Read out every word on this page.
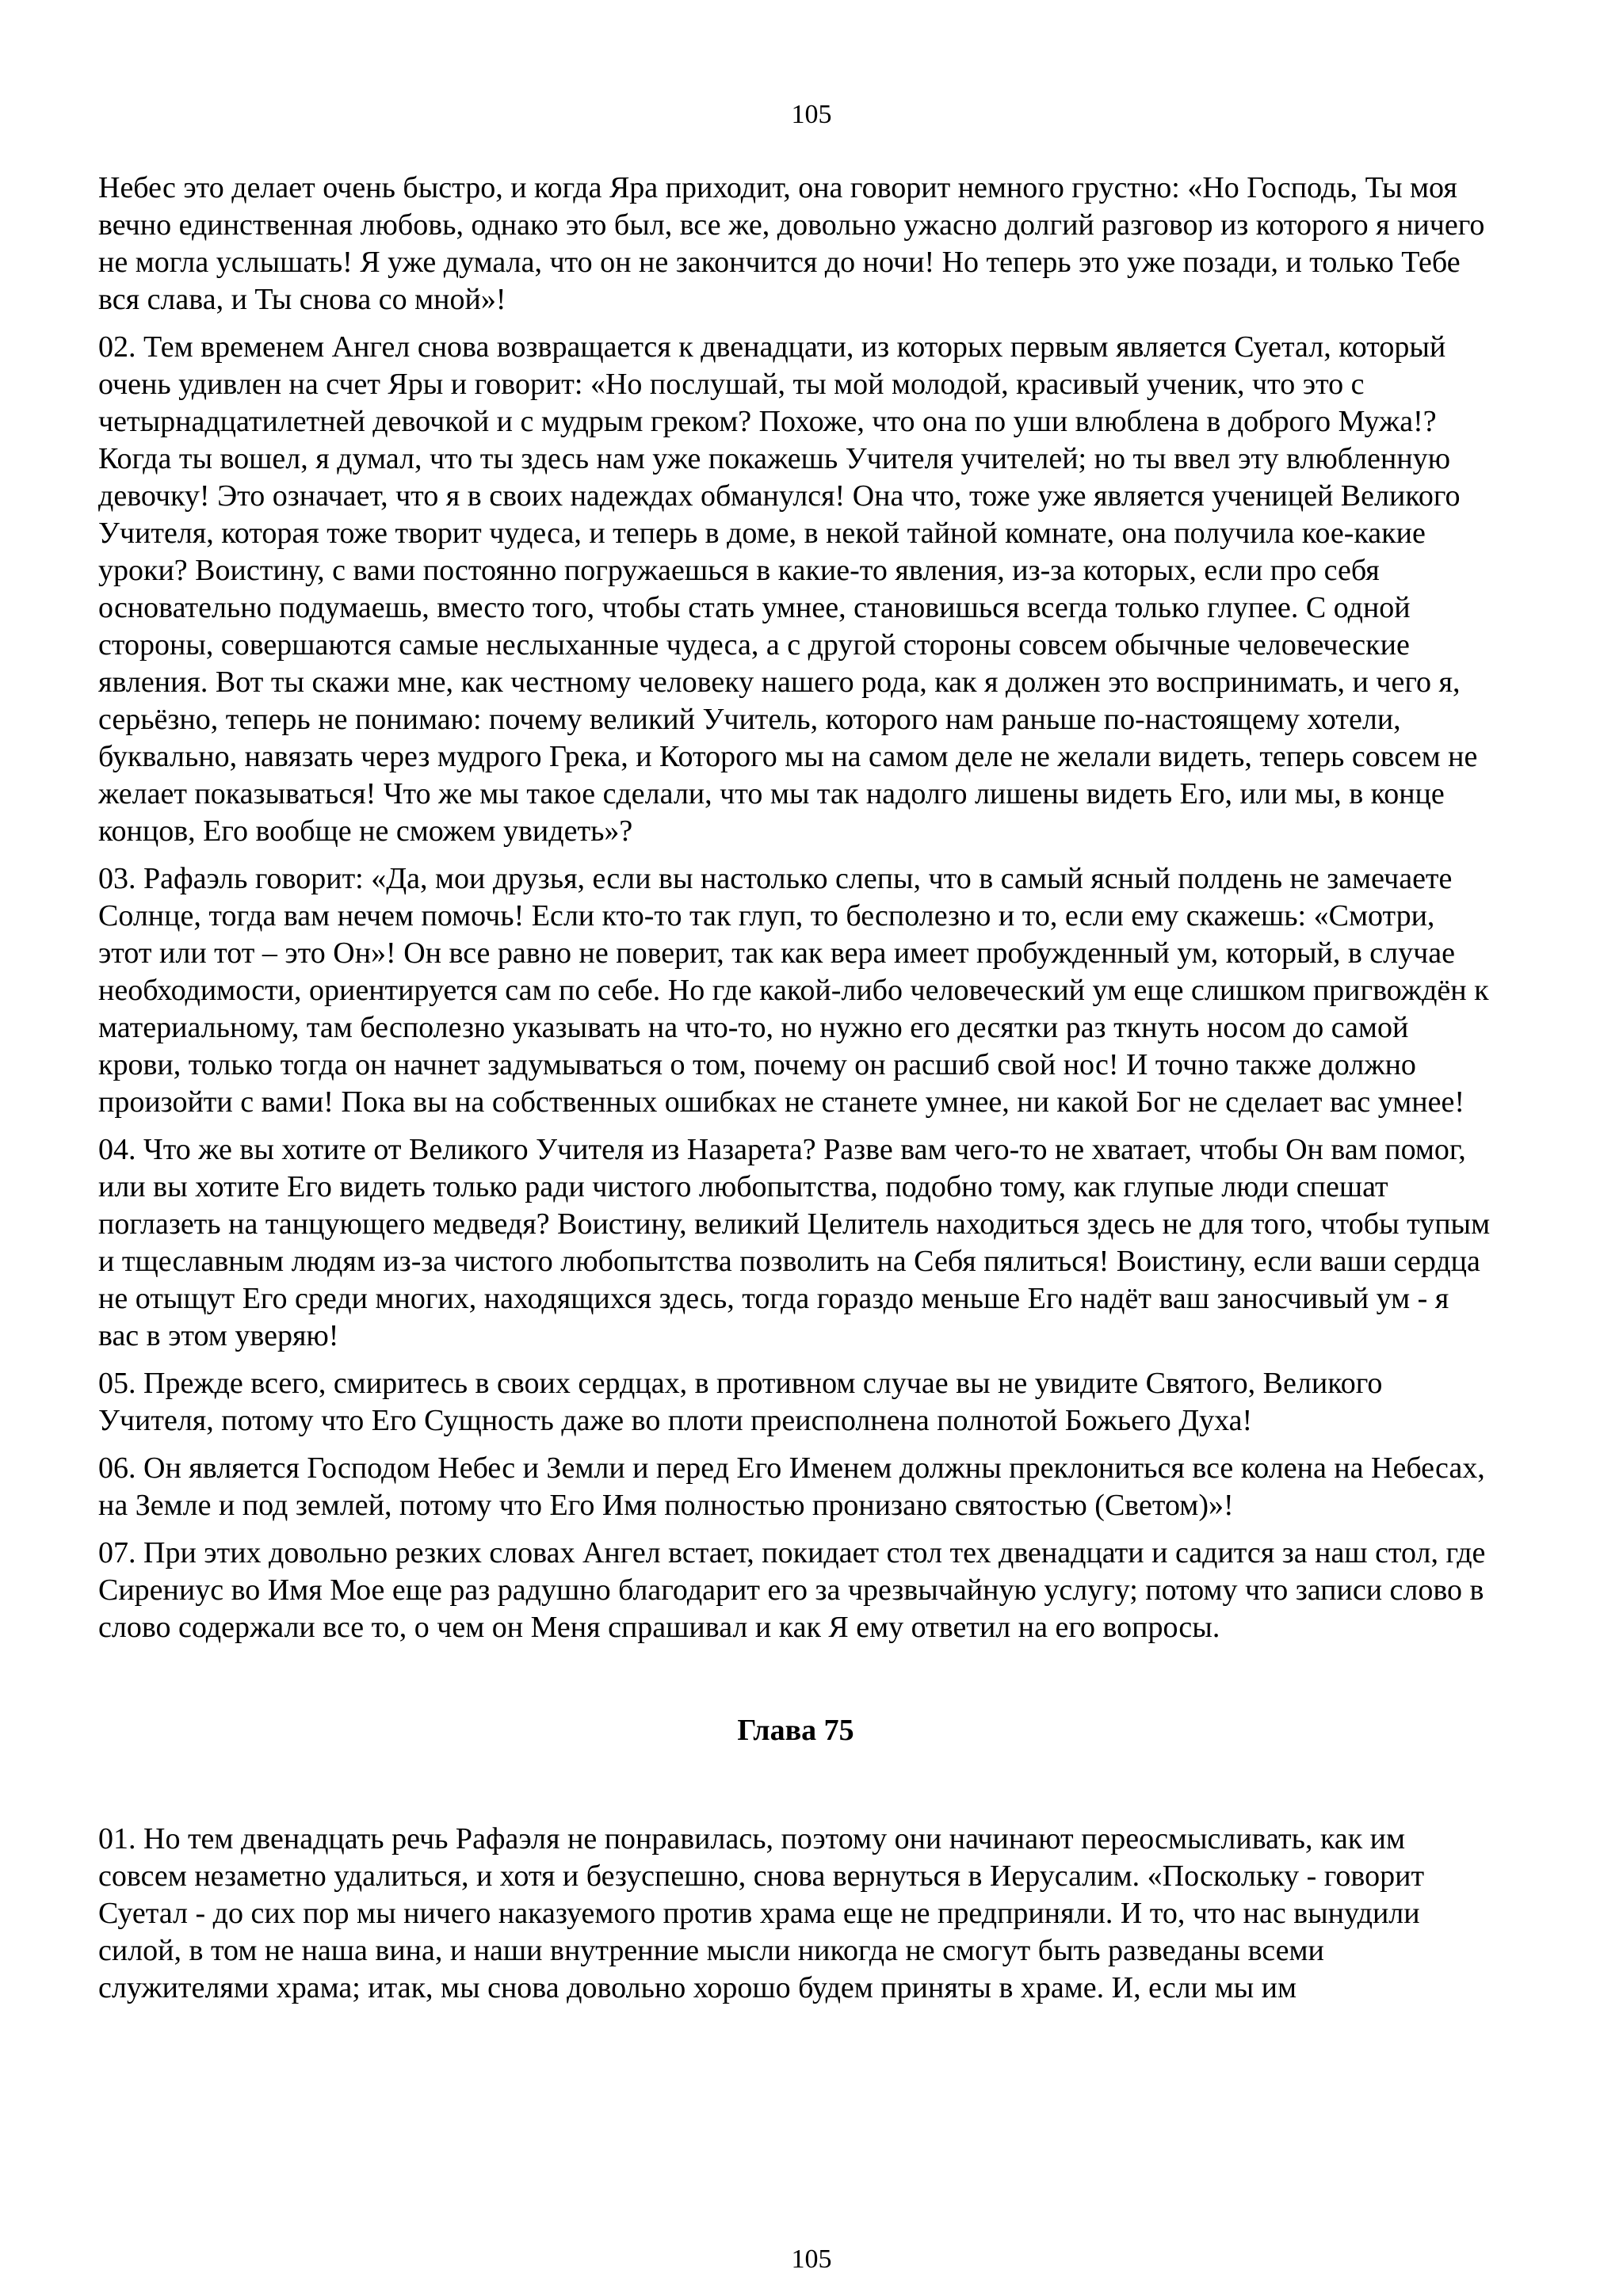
105

Небес это делает очень быстро, и когда Яра приходит, она говорит немного грустно: «Но Господь, Ты моя вечно единственная любовь, однако это был, все же, довольно ужасно долгий разговор из которого я ничего не могла услышать! Я уже думала, что он не закончится до ночи! Но теперь это уже позади, и только Тебе вся слава, и Ты снова со мной»!

02. Тем временем Ангел снова возвращается к двенадцати, из которых первым является Суетал, который очень удивлен на счет Яры и говорит: «Но послушай, ты мой молодой, красивый ученик, что это с четырнадцатилетней девочкой и с мудрым греком? Похоже, что она по уши влюблена в доброго Мужа!? Когда ты вошел, я думал, что ты здесь нам уже покажешь Учителя учителей; но ты ввел эту влюбленную девочку! Это означает, что я в своих надеждах обманулся! Она что, тоже уже является ученицей Великого Учителя, которая тоже творит чудеса, и теперь в доме, в некой тайной комнате, она получила кое-какие уроки? Воистину, с вами постоянно погружаешься в какие-то явления, из-за которых, если про себя основательно подумаешь, вместо того, чтобы стать умнее, становишься всегда только глупее. С одной стороны, совершаются самые неслыханные чудеса, а с другой стороны совсем обычные человеческие явления. Вот ты скажи мне, как честному человеку нашего рода, как я должен это воспринимать, и чего я, серьёзно, теперь не понимаю: почему великий Учитель, которого нам раньше по-настоящему хотели, буквально, навязать через мудрого Грека, и Которого мы на самом деле не желали видеть, теперь совсем не желает показываться! Что же мы такое сделали, что мы так надолго лишены видеть Его, или мы, в конце концов, Его вообще не сможем увидеть»?

03. Рафаэль говорит: «Да, мои друзья, если вы настолько слепы, что в самый ясный полдень не замечаете Солнце, тогда вам нечем помочь! Если кто-то так глуп, то бесполезно и то, если ему скажешь: «Смотри, этот или тот – это Он»! Он все равно не поверит, так как вера имеет пробужденный ум, который, в случае необходимости, ориентируется сам по себе. Но где какой-либо человеческий ум еще слишком пригвождён к материальному, там бесполезно указывать на что-то, но нужно его десятки раз ткнуть носом до самой крови, только тогда он начнет задумываться о том, почему он расшиб свой нос! И точно также должно произойти с вами! Пока вы на собственных ошибках не станете умнее, ни какой Бог не сделает вас умнее!

04. Что же вы хотите от Великого Учителя из Назарета? Разве вам чего-то не хватает, чтобы Он вам помог, или вы хотите Его видеть только ради чистого любопытства, подобно тому, как глупые люди спешат поглазеть на танцующего медведя? Воистину, великий Целитель находиться здесь не для того, чтобы тупым и тщеславным людям из-за чистого любопытства позволить на Себя пялиться! Воистину, если ваши сердца не отыщут Его среди многих, находящихся здесь, тогда гораздо меньше Его надёт ваш заносчивый ум - я вас в этом уверяю!

05. Прежде всего, смиритесь в своих сердцах, в противном случае вы не увидите Святого, Великого Учителя, потому что Его Сущность даже во плоти преисполнена полнотой Божьего Духа!

06. Он является Господом Небес и Земли и перед Его Именем должны преклониться все колена на Небесах, на Земле и под землей, потому что Его Имя полностью пронизано святостью (Светом)»!

07. При этих довольно резких словах Ангел встает, покидает стол тех двенадцати и садится за наш стол, где Сирениус во Имя Мое еще раз радушно благодарит его за чрезвычайную услугу; потому что записи слово в слово содержали все то, о чем он Меня спрашивал и как Я ему ответил на его вопросы.

Глава 75

01. Но тем двенадцать речь Рафаэля не понравилась, поэтому они начинают переосмысливать, как им совсем незаметно удалиться, и хотя и безуспешно, снова вернуться в Иерусалим. «Поскольку - говорит Суетал - до сих пор мы ничего наказуемого против храма еще не предприняли. И то, что нас вынудили силой, в том не наша вина, и наши внутренние мысли никогда не смогут быть разведаны всеми служителями храма; итак, мы снова довольно хорошо будем приняты в храме. И, если мы им

105
